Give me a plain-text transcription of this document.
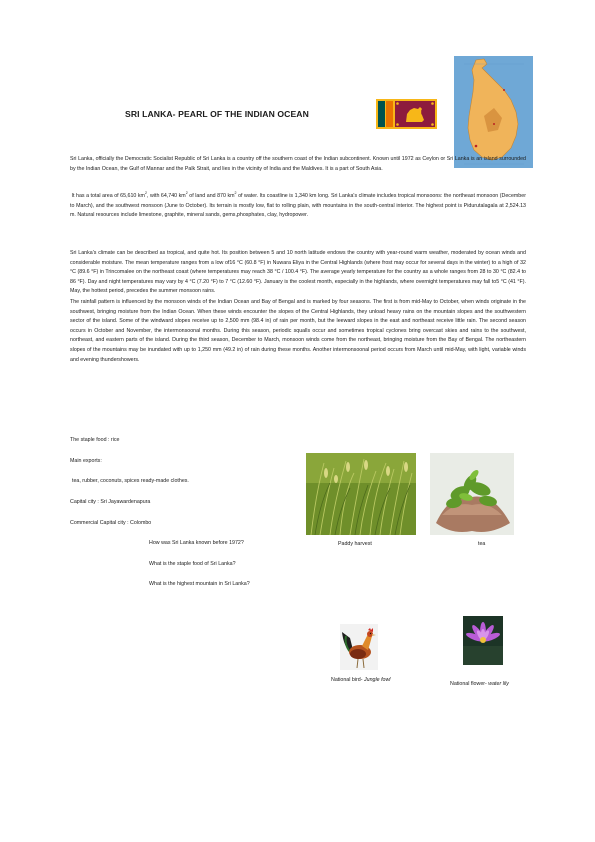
SRI LANKA- PEARL OF THE INDIAN OCEAN

Sri Lanka, officially the Democratic Socialist Republic of Sri Lanka is a country off the southern coast of the Indian subcontinent. Known until 1972 as Ceylon or Sri Lanka is an island surrounded by the Indian Ocean, the Gulf of Mannar and the Palk Strait, and lies in the vicinity of India and the Maldives. It is a part of South Asia.

It has a total area of 65,610 $km^2$, with 64,740 $km^2$ of land and 870 $km^2$ of water. Its coastline is 1,340 km long. Sri Lanka's climate includes tropical monsoons: the northeast monsoon (December to March), and the southwest monsoon (June to October). Its terrain is mostly low, flat to rolling plain, with mountains in the south-central interior. The highest point is Pidurutalagala at 2,524.13 m. Natural resources include limestone, graphite, mineral sands, gems,phosphates, clay, hydropower.

Sri Lanka's climate can be described as tropical, and quite hot. Its position between 5 and 10 north latitude endows the country with year-round warm weather, moderated by ocean winds and considerable moisture. The mean temperature ranges from a low of16 °C (60.8 °F) in Nuwara Eliya in the Central Highlands (where frost may occur for several days in the winter) to a high of 32 °C (89.6 °F) in Trincomalee on the northeast coast (where temperatures may reach 38 °C / 100.4 °F). The average yearly temperature for the country as a whole ranges from 28 to 30 °C (82.4 to 86 °F). Day and night temperatures may vary by 4 °C (7.20 °F) to 7 °C (12.60 °F). January is the coolest month, especially in the highlands, where overnight temperatures may fall to5 °C (41 °F). May, the hottest period, precedes the summer monsoon rains.

The rainfall pattern is influenced by the monsoon winds of the Indian Ocean and Bay of Bengal and is marked by four seasons. The first is from mid-May to October, when winds originate in the southwest, bringing moisture from the Indian Ocean. When these winds encounter the slopes of the Central Highlands, they unload heavy rains on the mountain slopes and the southwestern sector of the island. Some of the windward slopes receive up to 2,500 mm (98.4 in) of rain per month, but the leeward slopes in the east and northeast receive little rain. The second season occurs in October and November, the intermonsoonal months. During this season, periodic squalls occur and sometimes tropical cyclones bring overcast skies and rains to the southwest, northeast, and eastern parts of the island. During the third season, December to March, monsoon winds come from the northeast, bringing moisture from the Bay of Bengal. The northeastern slopes of the mountains may be inundated with up to 1,250 mm (49.2 in) of rain during these months. Another intermonsoonal period occurs from March until mid-May, with light, variable winds and evening thundershowers.

The staple food : rice
Main exports:
tea, rubber, coconuts, spices ready-made clothes.
Capital city : Sri Jayawardenapura
Commercial Capital city : Colombo
How was Sri Lanka known before 1972?
What is the staple food of Sri Lanka?
What is the highest mountain in Sri Lanka?
Paddy harvest	tea
National bird- Jungle fowl
National flower- water lily
